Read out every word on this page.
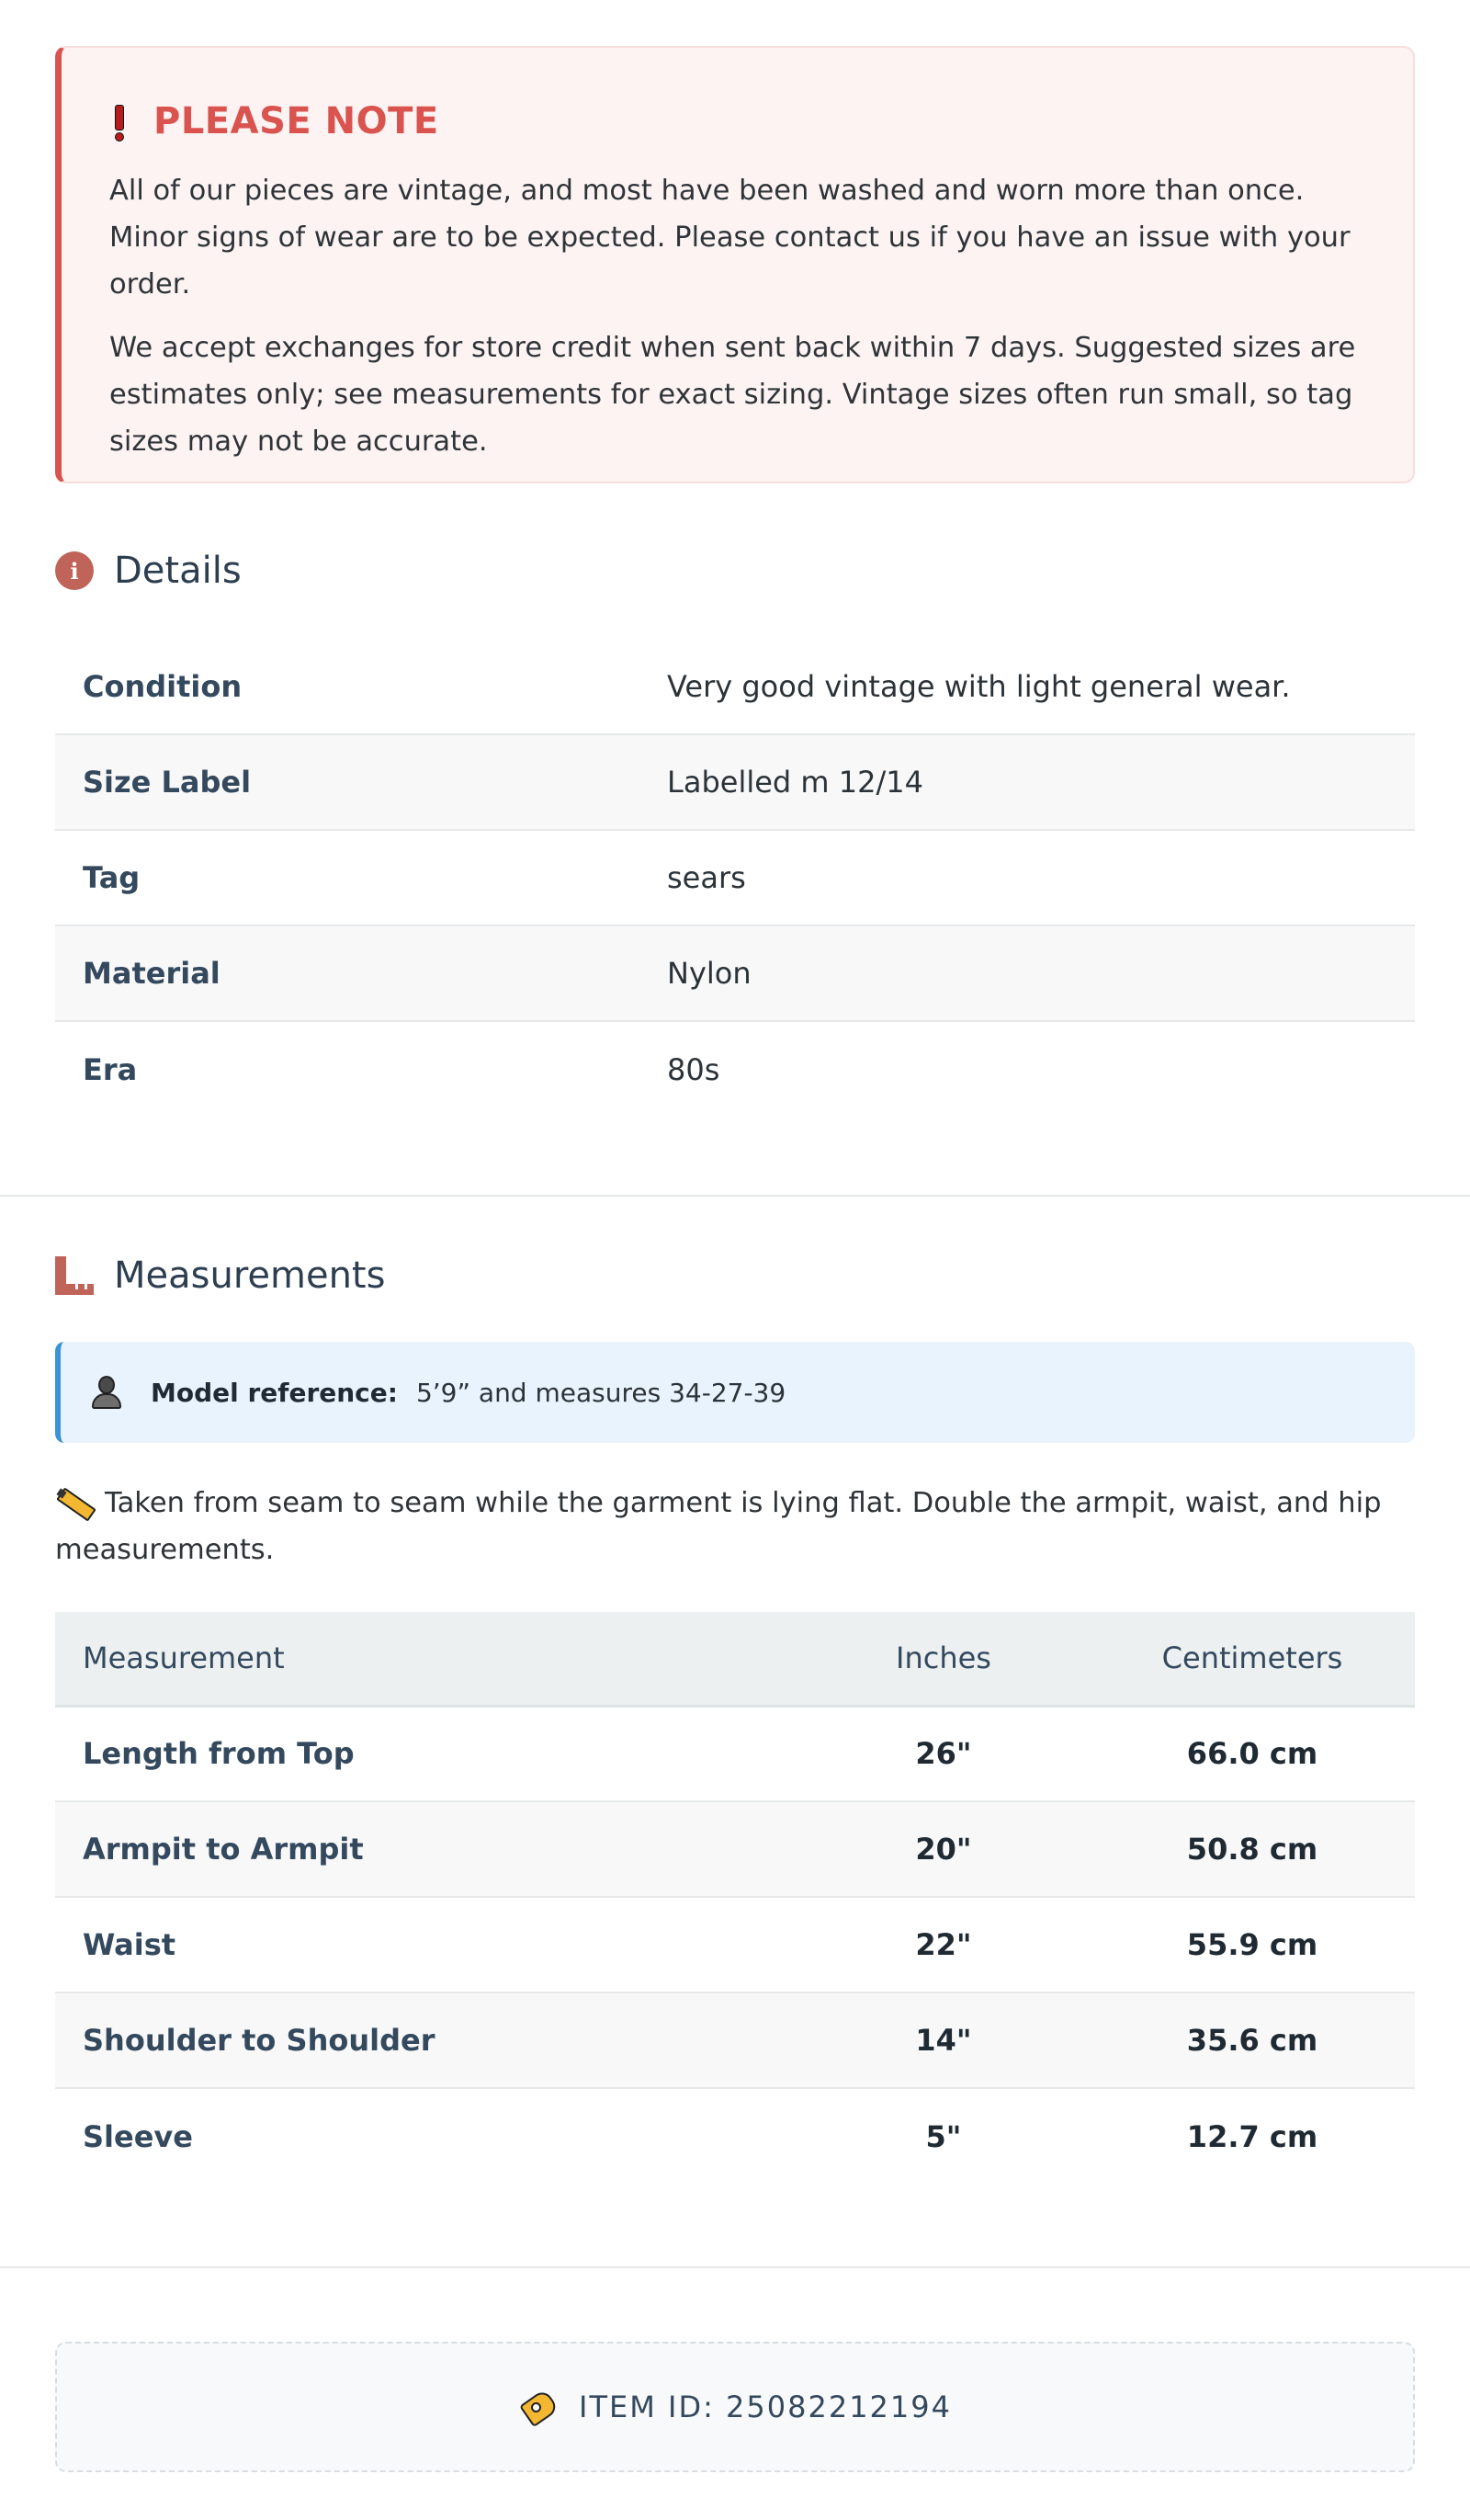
PLEASE NOTE

All of our pieces are vintage, and most have been washed and worn more than once. Minor signs of wear are to be expected. Please contact us if you have an issue with your order.

We accept exchanges for store credit when sent back within 7 days. Suggested sizes are estimates only; see measurements for exact sizing. Vintage sizes often run small, so tag sizes may not be accurate.

i Details
Condition	Very good vintage with light general wear.
Size Label	Labelled m 12/14
Tag	sears
Material	Nylon
Era	80s
Measurements
Model reference: 5’9” and measures 34-27-39
Taken from seam to seam while the garment is lying flat. Double the armpit, waist, and hip measurements.
Measurement	Inches	Centimeters
Length from Top	26"	66.0 cm
Armpit to Armpit	20"	50.8 cm
Waist	22"	55.9 cm
Shoulder to Shoulder	14"	35.6 cm
Sleeve	5"	12.7 cm
ITEM ID: 25082212194
